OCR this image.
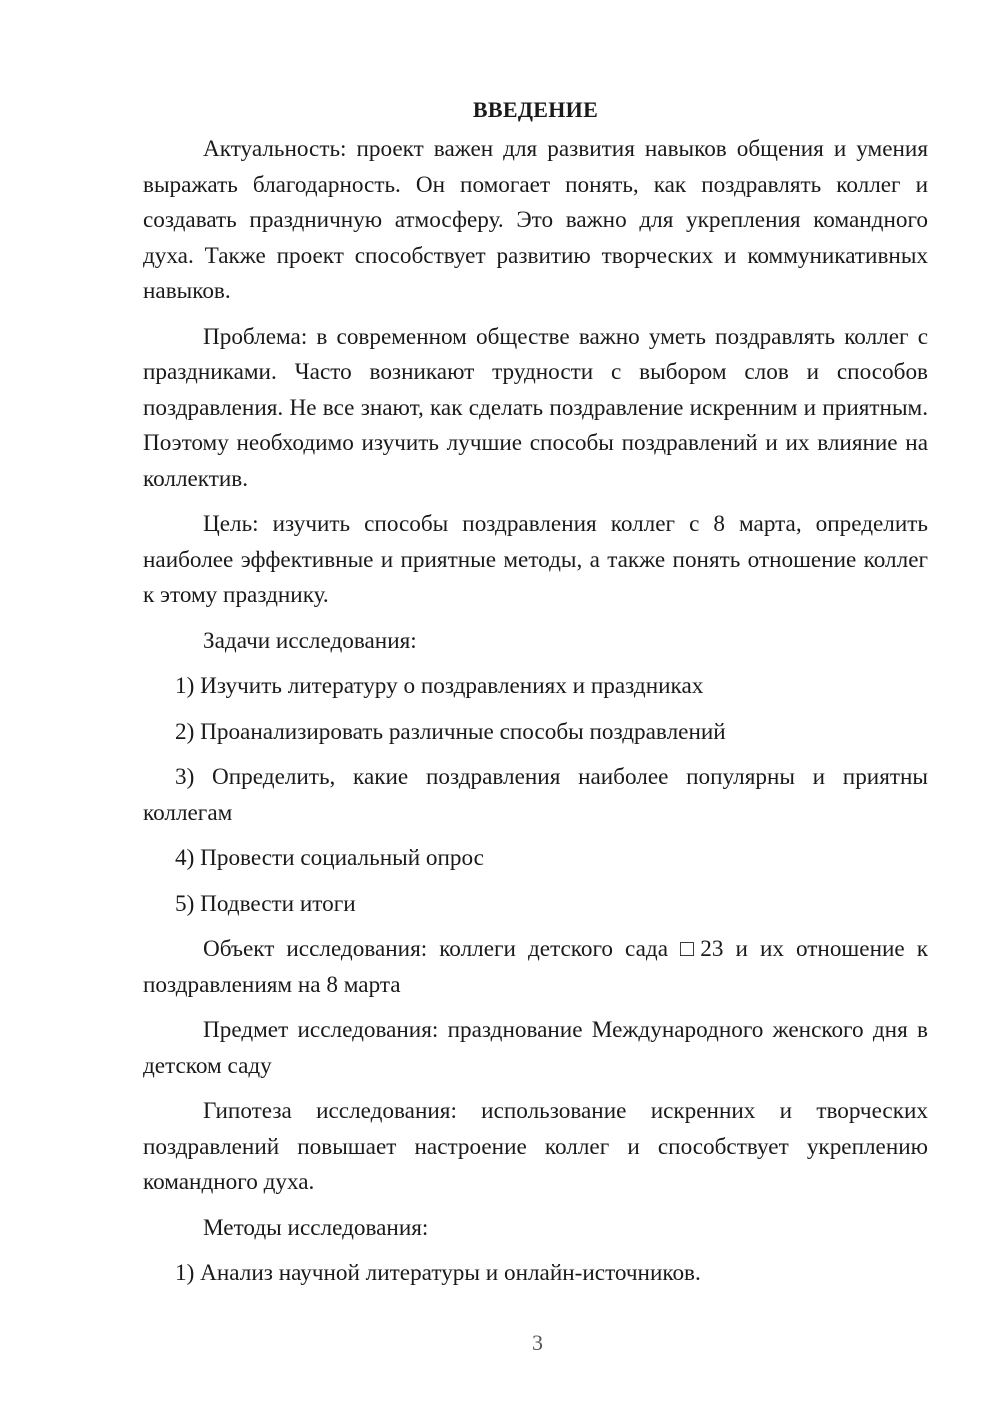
ВВЕДЕНИЕ

Актуальность: проект важен для развития навыков общения и умения выражать благодарность. Он помогает понять, как поздравлять коллег и создавать праздничную атмосферу. Это важно для укрепления командного духа. Также проект способствует развитию творческих и коммуникативных навыков.

Проблема: в современном обществе важно уметь поздравлять коллег с праздниками. Часто возникают трудности с выбором слов и способов поздравления. Не все знают, как сделать поздравление искренним и приятным. Поэтому необходимо изучить лучшие способы поздравлений и их влияние на коллектив.

Цель: изучить способы поздравления коллег с 8 марта, определить наиболее эффективные и приятные методы, а также понять отношение коллег к этому празднику.

Задачи исследования:

1) Изучить литературу о поздравлениях и праздниках

2) Проанализировать различные способы поздравлений

3) Определить, какие поздравления наиболее популярны и приятны коллегам

4) Провести социальный опрос

5) Подвести итоги

Объект исследования: коллеги детского сада □23 и их отношение к поздравлениям на 8 марта

Предмет исследования: празднование Международного женского дня в детском саду

Гипотеза исследования: использование искренних и творческих поздравлений повышает настроение коллег и способствует укреплению командного духа.

Методы исследования:

1) Анализ научной литературы и онлайн-источников.

3
